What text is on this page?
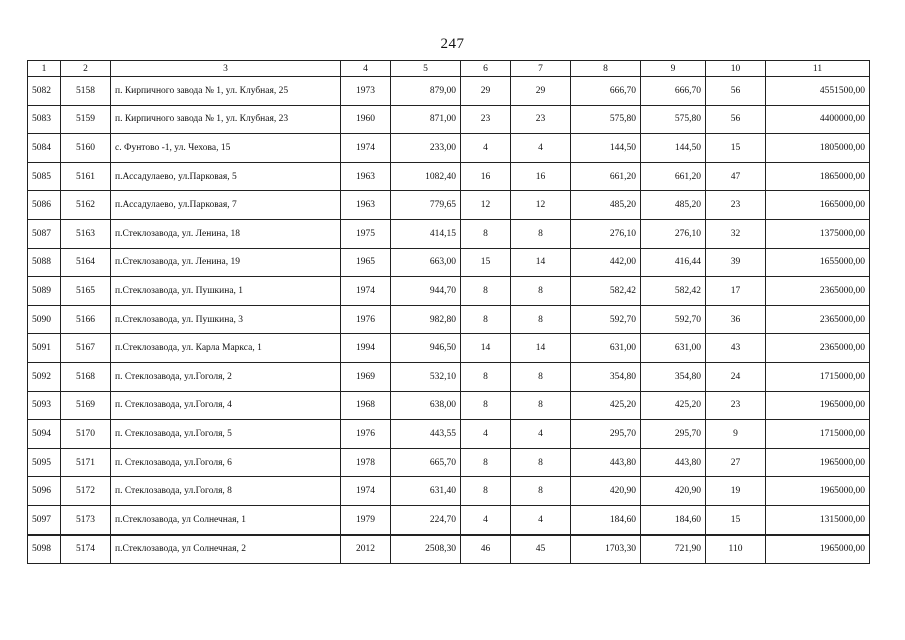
247
1	2	3	4	5	6	7	8	9	10	11
5082	5158	п. Кирпичного завода № 1, ул. Клубная, 25	1973	879,00	29	29	666,70	666,70	56	4551500,00
5083	5159	п. Кирпичного завода № 1, ул. Клубная, 23	1960	871,00	23	23	575,80	575,80	56	4400000,00
5084	5160	с. Фунтово -1, ул. Чехова, 15	1974	233,00	4	4	144,50	144,50	15	1805000,00
5085	5161	п.Ассадулаево, ул.Парковая, 5	1963	1082,40	16	16	661,20	661,20	47	1865000,00
5086	5162	п.Ассадулаево, ул.Парковая, 7	1963	779,65	12	12	485,20	485,20	23	1665000,00
5087	5163	п.Стеклозавода, ул. Ленина, 18	1975	414,15	8	8	276,10	276,10	32	1375000,00
5088	5164	п.Стеклозавода, ул. Ленина, 19	1965	663,00	15	14	442,00	416,44	39	1655000,00
5089	5165	п.Стеклозавода, ул. Пушкина, 1	1974	944,70	8	8	582,42	582,42	17	2365000,00
5090	5166	п.Стеклозавода, ул. Пушкина, 3	1976	982,80	8	8	592,70	592,70	36	2365000,00
5091	5167	п.Стеклозавода, ул. Карла Маркса, 1	1994	946,50	14	14	631,00	631,00	43	2365000,00
5092	5168	п. Стеклозавода, ул.Гоголя, 2	1969	532,10	8	8	354,80	354,80	24	1715000,00
5093	5169	п. Стеклозавода, ул.Гоголя, 4	1968	638,00	8	8	425,20	425,20	23	1965000,00
5094	5170	п. Стеклозавода, ул.Гоголя, 5	1976	443,55	4	4	295,70	295,70	9	1715000,00
5095	5171	п. Стеклозавода, ул.Гоголя, 6	1978	665,70	8	8	443,80	443,80	27	1965000,00
5096	5172	п. Стеклозавода, ул.Гоголя, 8	1974	631,40	8	8	420,90	420,90	19	1965000,00
5097	5173	п.Стеклозавода, ул Солнечная, 1	1979	224,70	4	4	184,60	184,60	15	1315000,00
5098	5174	п.Стеклозавода, ул Солнечная, 2	2012	2508,30	46	45	1703,30	721,90	110	1965000,00
